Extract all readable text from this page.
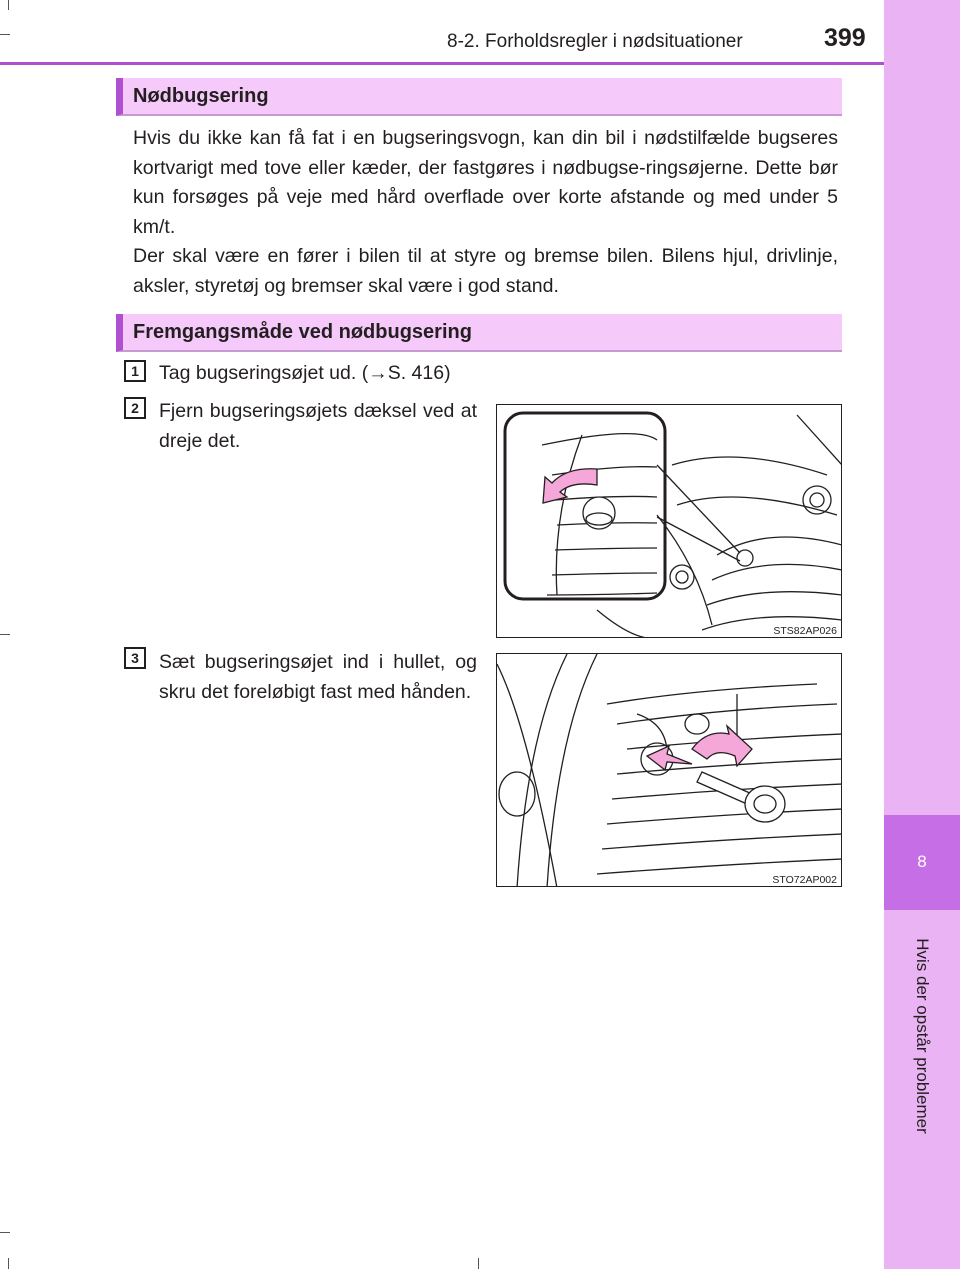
8
Hvis der opstår problemer
8-2. Forholdsregler i nødsituationer	399
Nødbugsering

Hvis du ikke kan få fat i en bugseringsvogn, kan din bil i nødstilfælde bugseres kortvarigt med tove eller kæder, der fastgøres i nødbugse-ringsøjerne. Dette bør kun forsøges på veje med hård overflade over korte afstande og med under 5 km/t.

Der skal være en fører i bilen til at styre og bremse bilen. Bilens hjul, drivlinje, aksler, styretøj og bremser skal være i god stand.

Fremgangsmåde ved nødbugsering
1	Tag bugseringsøjet ud. (→S. 416)

2	Fjern bugseringsøjets dæksel ved at dreje det.

STS82AP026
3	Sæt bugseringsøjet ind i hullet, og skru det foreløbigt fast med hånden.

STO72AP002
